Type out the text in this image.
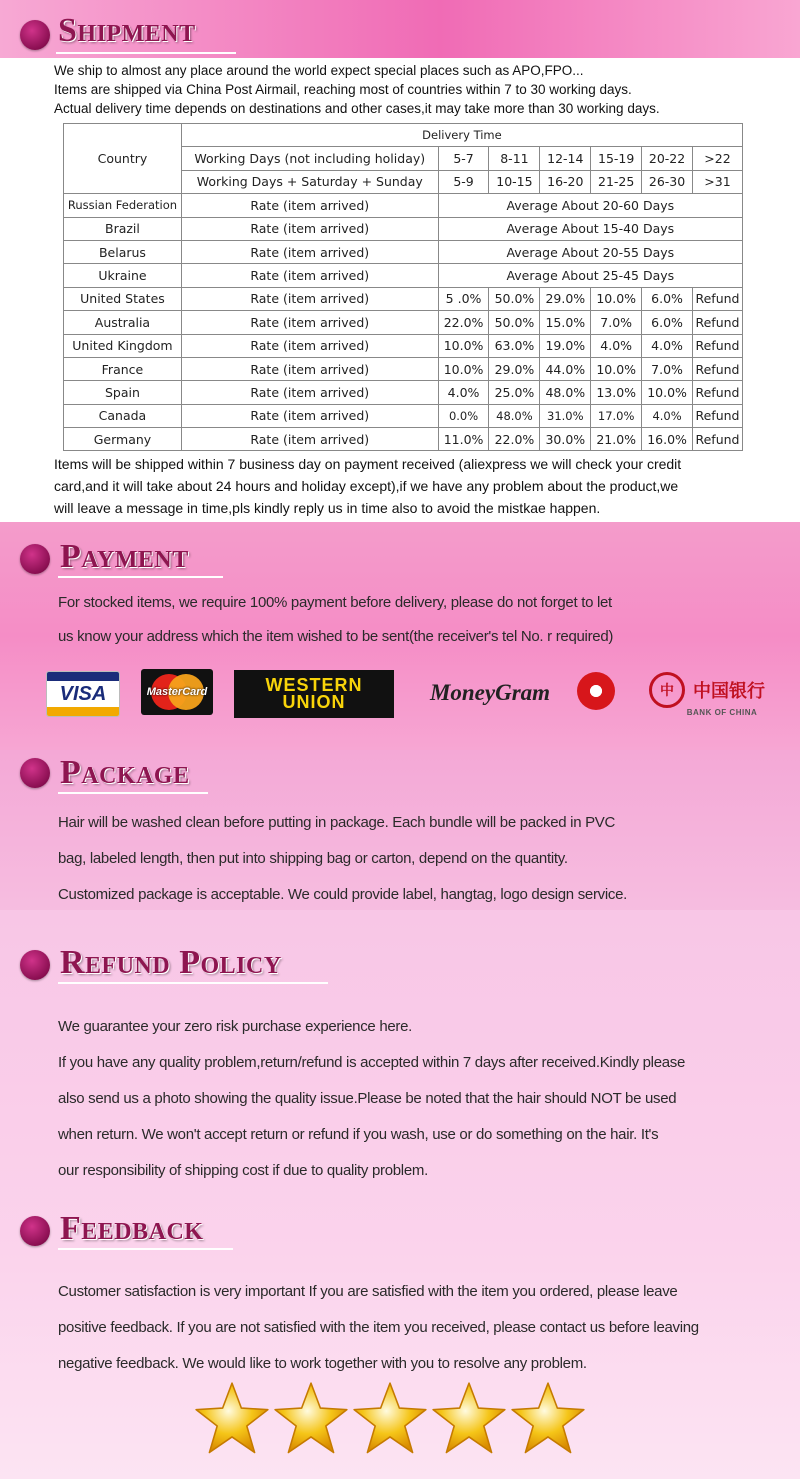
Shipment
We ship to almost any place around the world expect special places such as APO,FPO...
Items are shipped via China Post Airmail, reaching most of countries within 7 to 30 working days.
Actual delivery time depends on destinations and other cases,it may take more than 30 working days.
Country	Delivery Time						
	Working Days (not including holiday)	5-7	8-11	12-14	15-19	20-22	>22
	Working Days + Saturday + Sunday	5-9	10-15	16-20	21-25	26-30	>31
Russian Federation	Rate (item arrived)	Average About 20-60 Days					
Brazil	Rate (item arrived)	Average About 15-40 Days					
Belarus	Rate (item arrived)	Average About 20-55 Days					
Ukraine	Rate (item arrived)	Average About 25-45 Days					
United States	Rate (item arrived)	5 .0%	50.0%	29.0%	10.0%	6.0%	Refund
Australia	Rate (item arrived)	22.0%	50.0%	15.0%	7.0%	6.0%	Refund
United Kingdom	Rate (item arrived)	10.0%	63.0%	19.0%	4.0%	4.0%	Refund
France	Rate (item arrived)	10.0%	29.0%	44.0%	10.0%	7.0%	Refund
Spain	Rate (item arrived)	4.0%	25.0%	48.0%	13.0%	10.0%	Refund
Canada	Rate (item arrived)	0.0%	48.0%	31.0%	17.0%	4.0%	Refund
Germany	Rate (item arrived)	11.0%	22.0%	30.0%	21.0%	16.0%	Refund
Items will be shipped within 7 business day on payment received (aliexpress we will check your credit
card,and it will take about 24 hours and holiday except),if we have any problem about the product,we
will leave a message in time,pls kindly reply us in time also to avoid the mistkae happen.
Payment
For stocked items, we require 100% payment before delivery, please do not forget to let
us know your address which the item wished to be sent(the receiver's tel No. r required)
VISA	MasterCard	WESTERN
UNION	MoneyGram	中	中国银行
BANK OF CHINA
Package
Hair will be washed clean before putting in package. Each bundle will be packed in PVC
bag, labeled length, then put into shipping bag or carton, depend on the quantity.
Customized package is acceptable. We could provide label, hangtag, logo design service.
Refund Policy
We guarantee your zero risk purchase experience here.
If you have any quality problem,return/refund is accepted within 7 days after received.Kindly please
also send us a photo showing the quality issue.Please be noted that the hair should NOT be used
when return. We won't accept return or refund if you wash, use or do something on the hair. It's
our responsibility of shipping cost if due to quality problem.
Feedback
Customer satisfaction is very important If you are satisfied with the item you ordered, please leave
positive feedback. If you are not satisfied with the item you received, please contact us before leaving
negative feedback. We would like to work together with you to resolve any problem.
